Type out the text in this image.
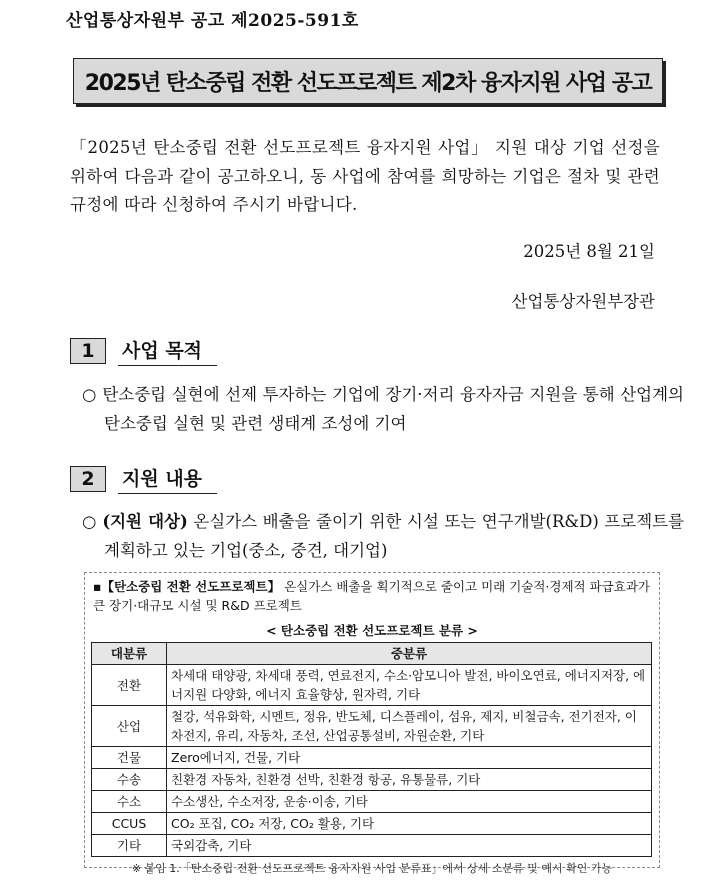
산업통상자원부 공고 제2025-591호
2025년 탄소중립 전환 선도프로젝트 제2차 융자지원 사업 공고
「2025년 탄소중립 전환 선도프로젝트 융자지원 사업」 지원 대상 기업 선정을 위하여 다음과 같이 공고하오니, 동 사업에 참여를 희망하는 기업은 절차 및 관련 규정에 따라 신청하여 주시기 바랍니다.
2025년 8월 21일
산업통상자원부장관
1	사업 목적
○ 탄소중립 실현에 선제 투자하는 기업에 장기·저리 융자자금 지원을 통해 산업계의 탄소중립 실현 및 관련 생태계 조성에 기여
2	지원 내용
○ (지원 대상) 온실가스 배출을 줄이기 위한 시설 또는 연구개발(R&D) 프로젝트를 계획하고 있는 기업(중소, 중견, 대기업)
▪【탄소중립 전환 선도프로젝트】 온실가스 배출을 획기적으로 줄이고 미래 기술적·경제적 파급효과가 큰 장기·대규모 시설 및 R&D 프로젝트
< 탄소중립 전환 선도프로젝트 분류 >
대분류	중분류
전환	차세대 태양광, 차세대 풍력, 연료전지, 수소·암모니아 발전, 바이오연료, 에너지저장, 에너지원 다양화, 에너지 효율향상, 원자력, 기타
산업	철강, 석유화학, 시멘트, 정유, 반도체, 디스플레이, 섬유, 제지, 비철금속, 전기전자, 이차전지, 유리, 자동차, 조선, 산업공통설비, 자원순환, 기타
건물	Zero에너지, 건물, 기타
수송	친환경 자동차, 친환경 선박, 친환경 항공, 유통물류, 기타
수소	수소생산, 수소저장, 운송·이송, 기타
CCUS	CO₂ 포집, CO₂ 저장, CO₂ 활용, 기타
기타	국외감축, 기타
※ 붙임 1.「탄소중립 전환 선도프로젝트 융자지원 사업 분류표」에서 상세 소분류 및 예시 확인 가능
